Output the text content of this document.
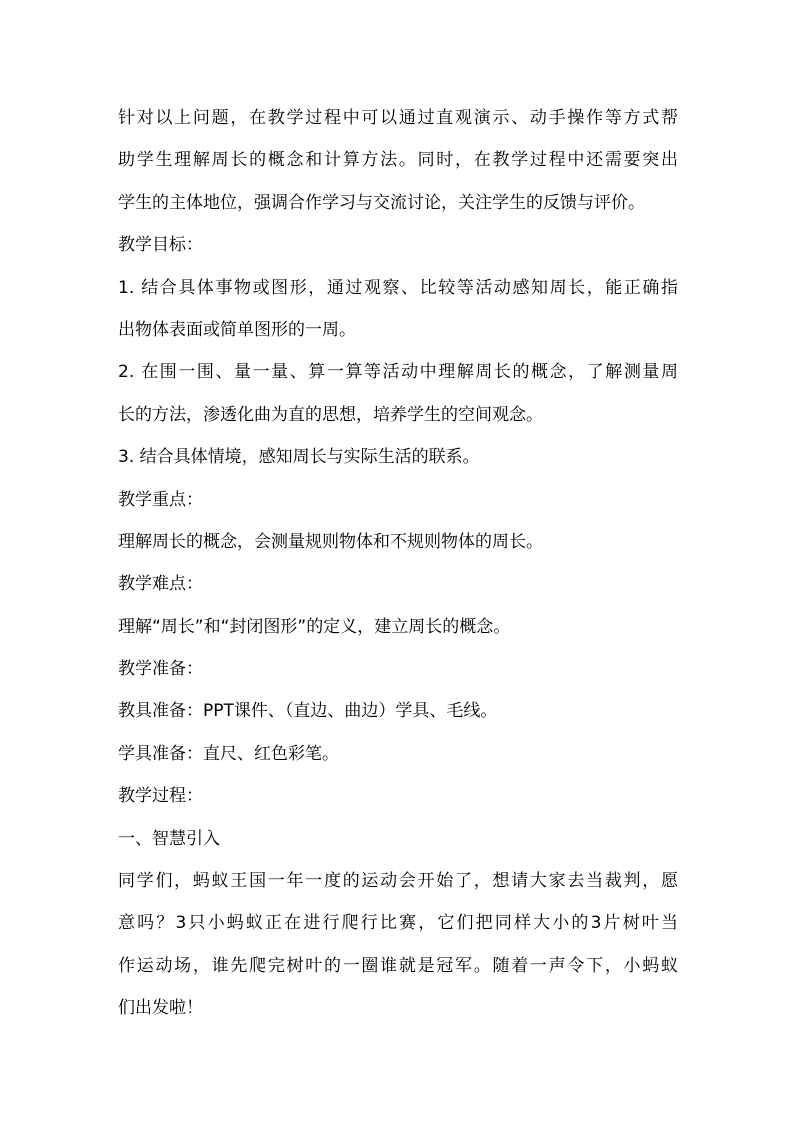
针对以上问题，在教学过程中可以通过直观演示、动手操作等方式帮
助学生理解周长的概念和计算方法。同时，在教学过程中还需要突出
学生的主体地位，强调合作学习与交流讨论，关注学生的反馈与评价。
教学目标：
1. 结合具体事物或图形，通过观察、比较等活动感知周长，能正确指
出物体表面或简单图形的一周。
2. 在围一围、量一量、算一算等活动中理解周长的概念，了解测量周
长的方法，渗透化曲为直的思想，培养学生的空间观念。
3. 结合具体情境，感知周长与实际生活的联系。
教学重点：
理解周长的概念，会测量规则物体和不规则物体的周长。
教学难点：
理解“周长”和“封闭图形”的定义，建立周长的概念。
教学准备：
教具准备：PPT课件、（直边、曲边）学具、毛线。
学具准备：直尺、红色彩笔。
教学过程：
一、智慧引入
同学们，蚂蚁王国一年一度的运动会开始了，想请大家去当裁判，愿
意吗？3只小蚂蚁正在进行爬行比赛，它们把同样大小的3片树叶当
作运动场，谁先爬完树叶的一圈谁就是冠军。随着一声令下，小蚂蚁
们出发啦！
